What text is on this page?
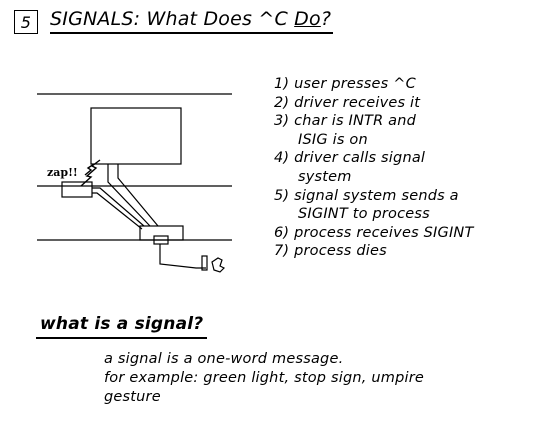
5 SIGNALS: What Does ^C Do?
zap!!
1) user presses ^C
2) driver receives it
3) char is INTR and
ISIG is on
4) driver calls signal
system
5) signal system sends a
SIGINT to process
6) process receives SIGINT
7) process dies
what is a signal?
a signal is a one-word message.
for example: green light, stop sign, umpire
gesture
